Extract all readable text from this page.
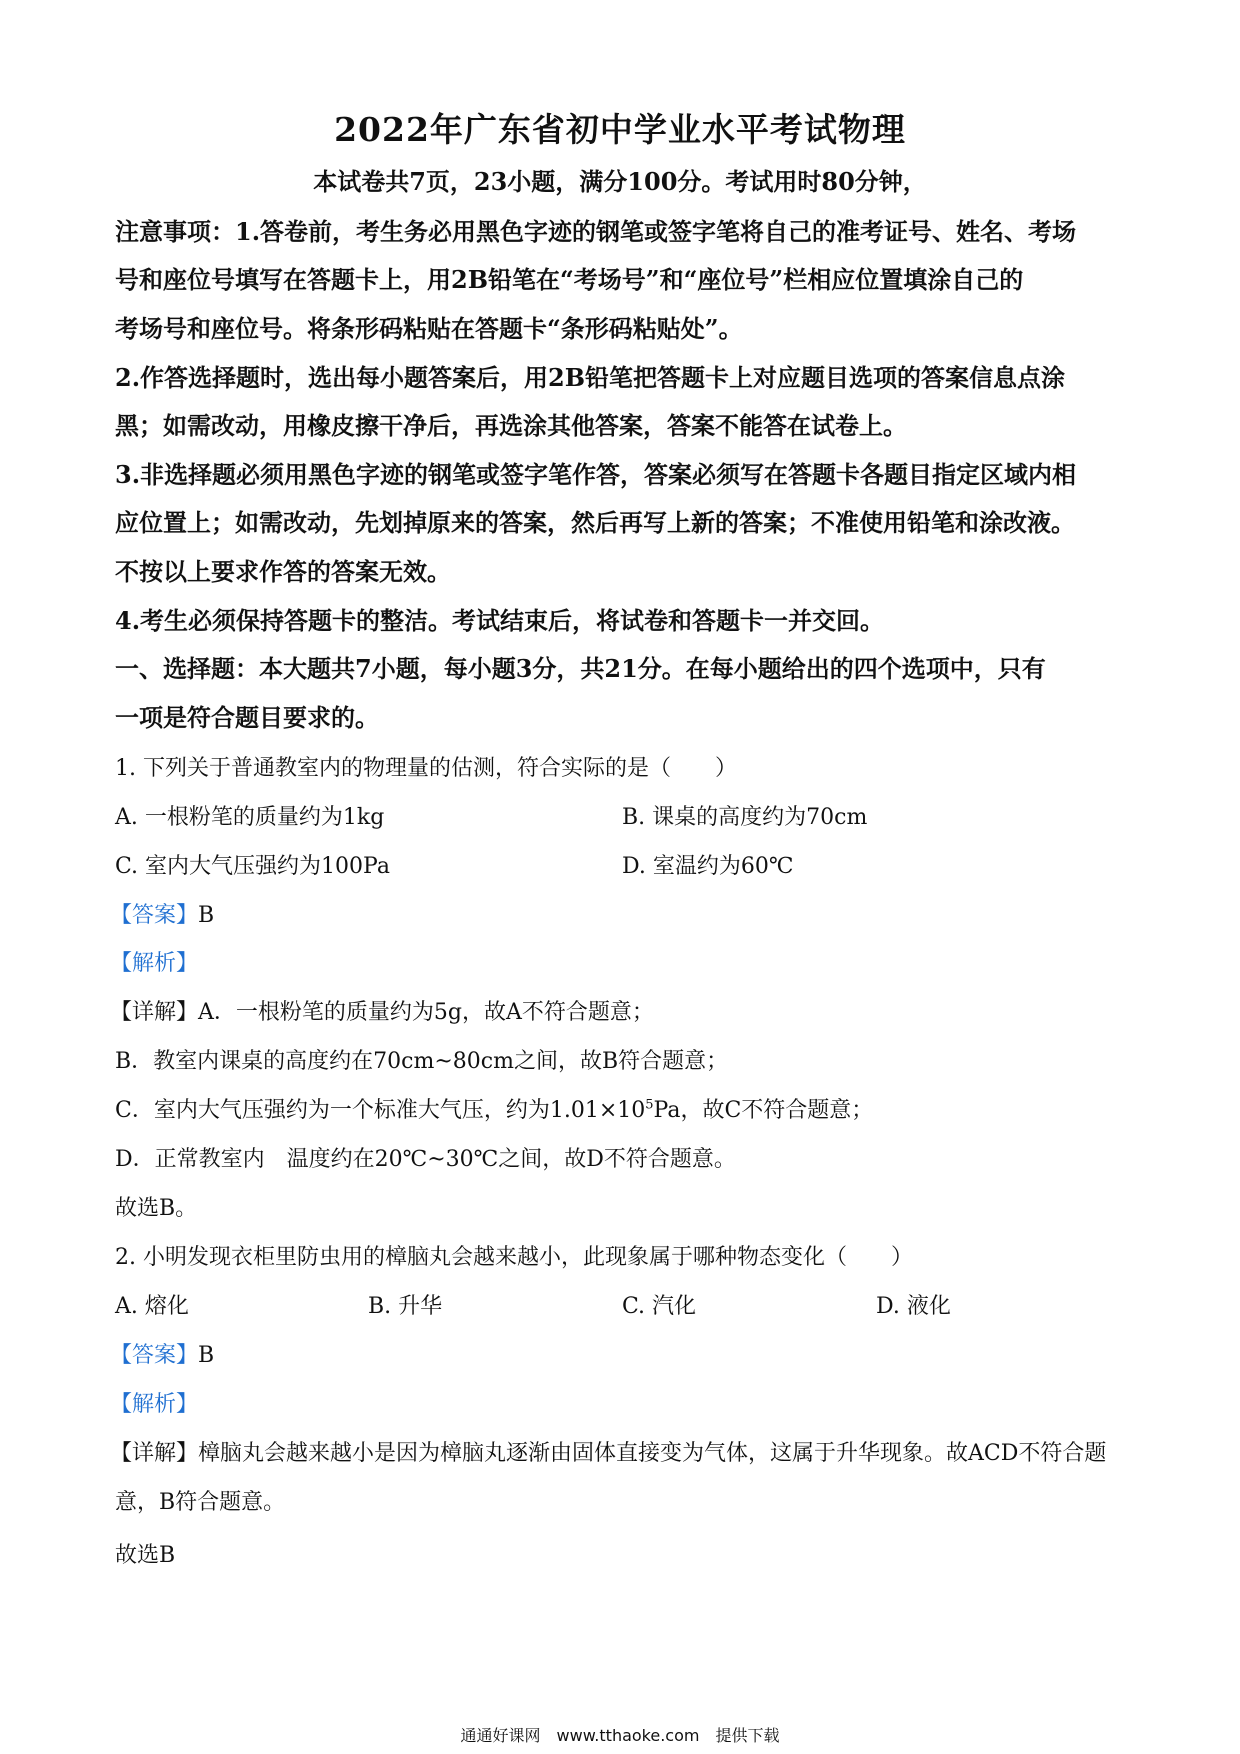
2022年广东省初中学业水平考试物理
本试卷共7页，23小题，满分100分。考试用时80分钟，
注意事项：1.答卷前，考生务必用黑色字迹的钢笔或签字笔将自己的准考证号、姓名、考场
号和座位号填写在答题卡上，用2B铅笔在“考场号”和“座位号”栏相应位置填涂自己的
考场号和座位号。将条形码粘贴在答题卡“条形码粘贴处”。
2.作答选择题时，选出每小题答案后，用2B铅笔把答题卡上对应题目选项的答案信息点涂
黑；如需改动，用橡皮擦干净后，再选涂其他答案，答案不能答在试卷上。
3.非选择题必须用黑色字迹的钢笔或签字笔作答，答案必须写在答题卡各题目指定区域内相
应位置上；如需改动，先划掉原来的答案，然后再写上新的答案；不准使用铅笔和涂改液。
不按以上要求作答的答案无效。
4.考生必须保持答题卡的整洁。考试结束后，将试卷和答题卡一并交回。
一、选择题：本大题共7小题，每小题3分，共21分。在每小题给出的四个选项中，只有
一项是符合题目要求的。
1. 下列关于普通教室内的物理量的估测，符合实际的是（　　）
A. 一根粉笔的质量约为1kg	B. 课桌的高度约为70cm
C. 室内大气压强约为100Pa	D. 室温约为60℃
【答案】B
【解析】
【详解】A．一根粉笔的质量约为5g，故A不符合题意；
B．教室内课桌的高度约在70cm~80cm之间，故B符合题意；
C．室内大气压强约为一个标准大气压，约为$1.01\times 10^5Pa$，故C不符合题意；
D．正常教室内　温度约在20℃~30℃之间，故D不符合题意。
故选B。
2. 小明发现衣柜里防虫用的樟脑丸会越来越小，此现象属于哪种物态变化（　　）
A. 熔化	B. 升华	C. 汽化	D. 液化
【答案】B
【解析】
【详解】樟脑丸会越来越小是因为樟脑丸逐渐由固体直接变为气体，这属于升华现象。故ACD不符合题
意，B符合题意。
故选B
通通好课网　www.tthaoke.com　提供下载
